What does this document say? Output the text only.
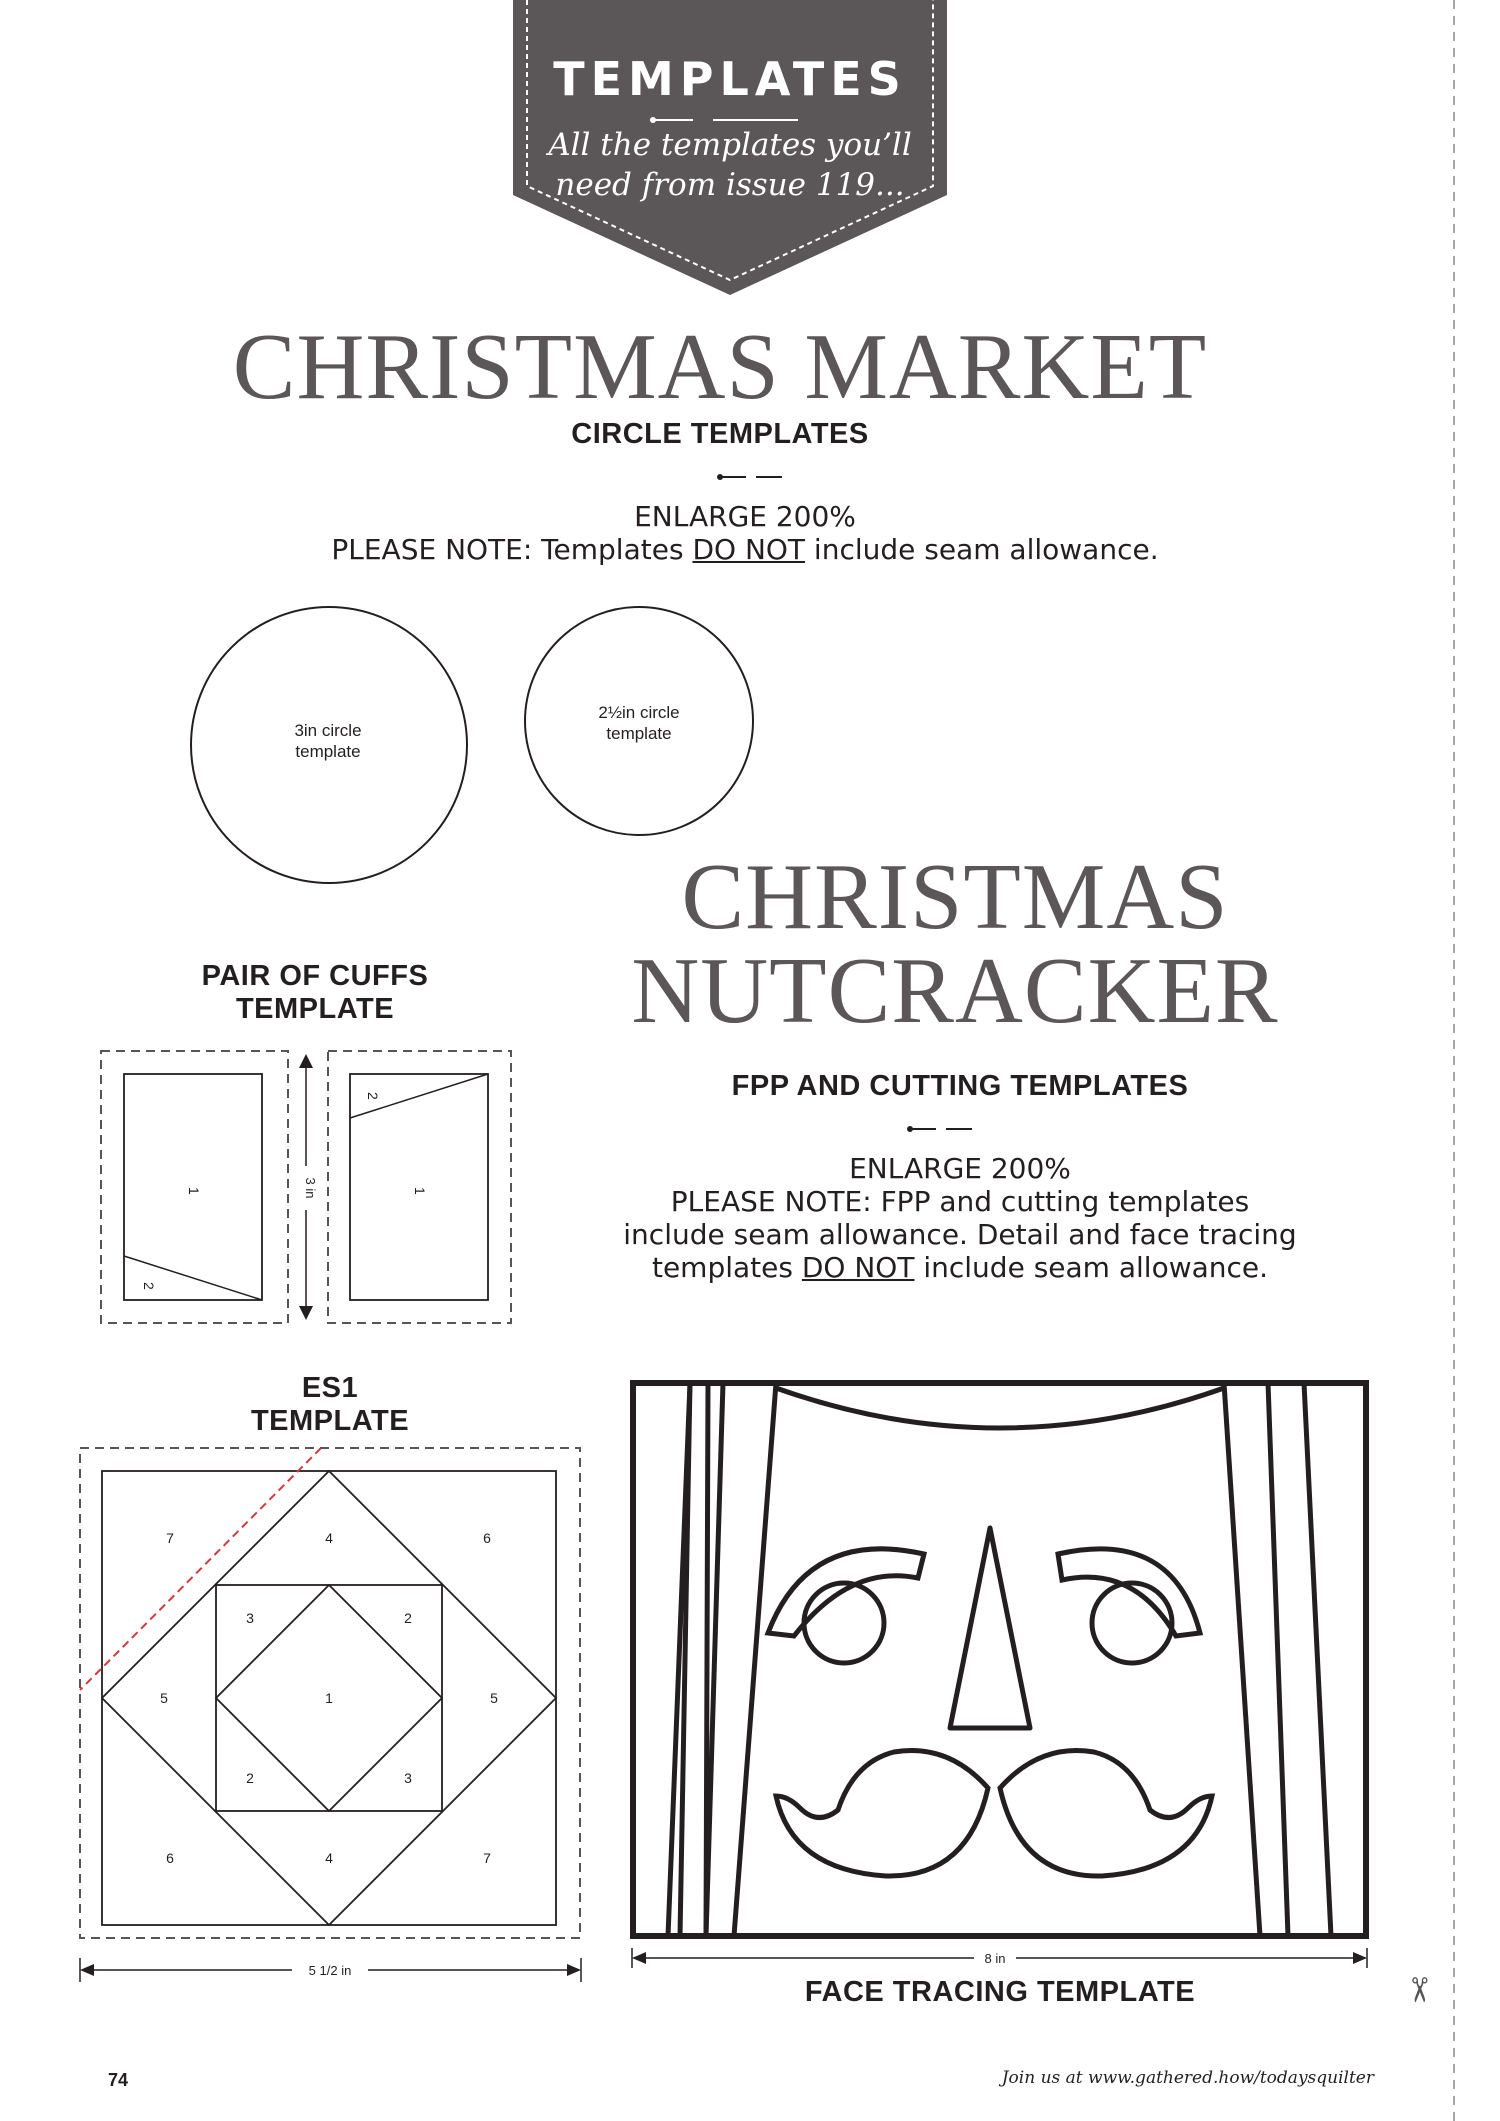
✂
TEMPLATES
All the templates you’ll
need from issue 119...
CHRISTMAS MARKET
CIRCLE TEMPLATES
ENLARGE 200%
PLEASE NOTE: Templates DO NOT include seam allowance.
3in circle
template
2½in circle
template
CHRISTMAS
NUTCRACKER
FPP AND CUTTING TEMPLATES
ENLARGE 200%
PLEASE NOTE: FPP and cutting templates
include seam allowance. Detail and face tracing
templates DO NOT include seam allowance.
PAIR OF CUFFS
TEMPLATE
1
2
1
2
3 in
ES1
TEMPLATE
7	4	6
3	2
5	1	5
2	3
6	4	7
5 1/2 in
8 in
FACE TRACING TEMPLATE
74	Join us at www.gathered.how/todaysquilter
